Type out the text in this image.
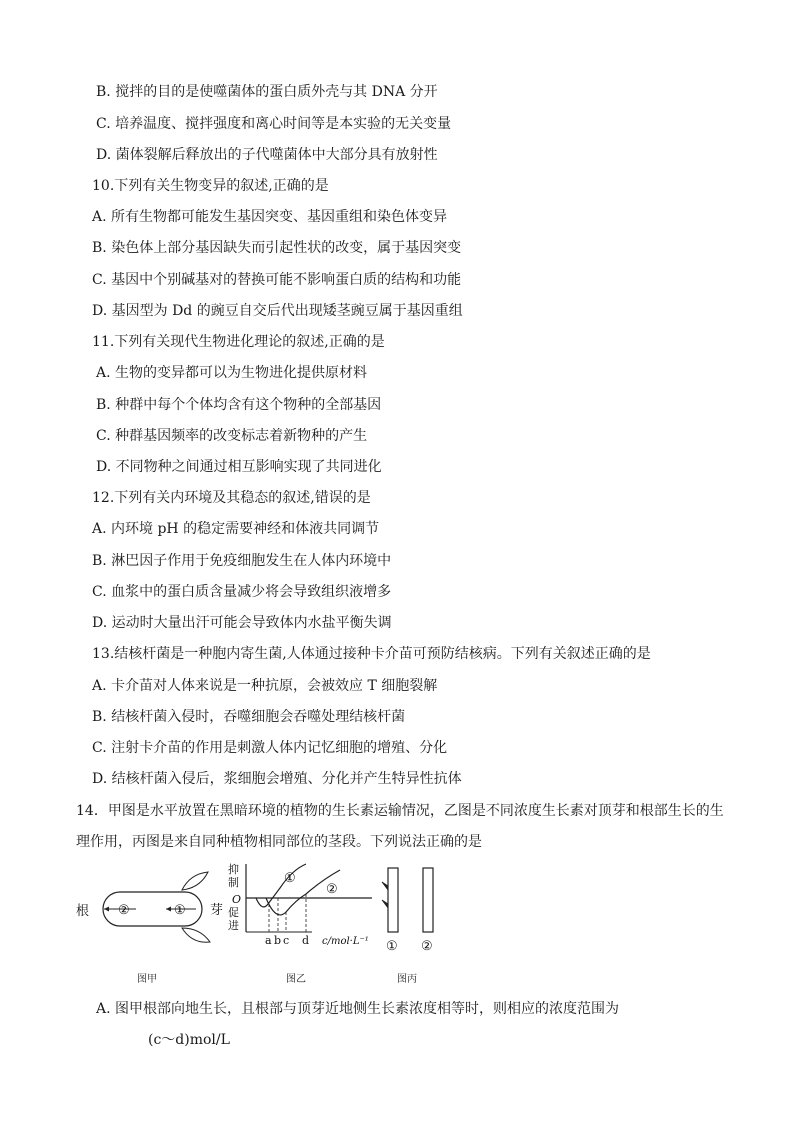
B. 搅拌的目的是使噬菌体的蛋白质外壳与其 DNA 分开
C. 培养温度、搅拌强度和离心时间等是本实验的无关变量
D. 菌体裂解后释放出的子代噬菌体中大部分具有放射性
10.下列有关生物变异的叙述,正确的是
A. 所有生物都可能发生基因突变、基因重组和染色体变异
B. 染色体上部分基因缺失而引起性状的改变，属于基因突变
C. 基因中个别碱基对的替换可能不影响蛋白质的结构和功能
D. 基因型为 Dd 的豌豆自交后代出现矮茎豌豆属于基因重组
11.下列有关现代生物进化理论的叙述,正确的是
A. 生物的变异都可以为生物进化提供原材料
B. 种群中每个个体均含有这个物种的全部基因
C. 种群基因频率的改变标志着新物种的产生
D. 不同物种之间通过相互影响实现了共同进化
12.下列有关内环境及其稳态的叙述,错误的是
A. 内环境 pH 的稳定需要神经和体液共同调节
B. 淋巴因子作用于免疫细胞发生在人体内环境中
C. 血浆中的蛋白质含量减少将会导致组织液增多
D. 运动时大量出汗可能会导致体内水盐平衡失调
13.结核杆菌是一种胞内寄生菌,人体通过接种卡介苗可预防结核病。下列有关叙述正确的是
A. 卡介苗对人体来说是一种抗原，会被效应 T 细胞裂解
B. 结核杆菌入侵时，吞噬细胞会吞噬处理结核杆菌
C. 注射卡介苗的作用是刺激人体内记忆细胞的增殖、分化
D. 结核杆菌入侵后，浆细胞会增殖、分化并产生特异性抗体
14．甲图是水平放置在黑暗环境的植物的生长素运输情况，乙图是不同浓度生长素对顶芽和根部生长的生
理作用，丙图是来自同种植物相同部位的茎段。下列说法正确的是
根 ②	① 芽
抑
制
O
促
进
①
②
a b c d c/mol·L⁻¹ ① ②
图甲	图乙	图丙
A. 图甲根部向地生长，且根部与顶芽近地侧生长素浓度相等时，则相应的浓度范围为
(c～d)mol/L
